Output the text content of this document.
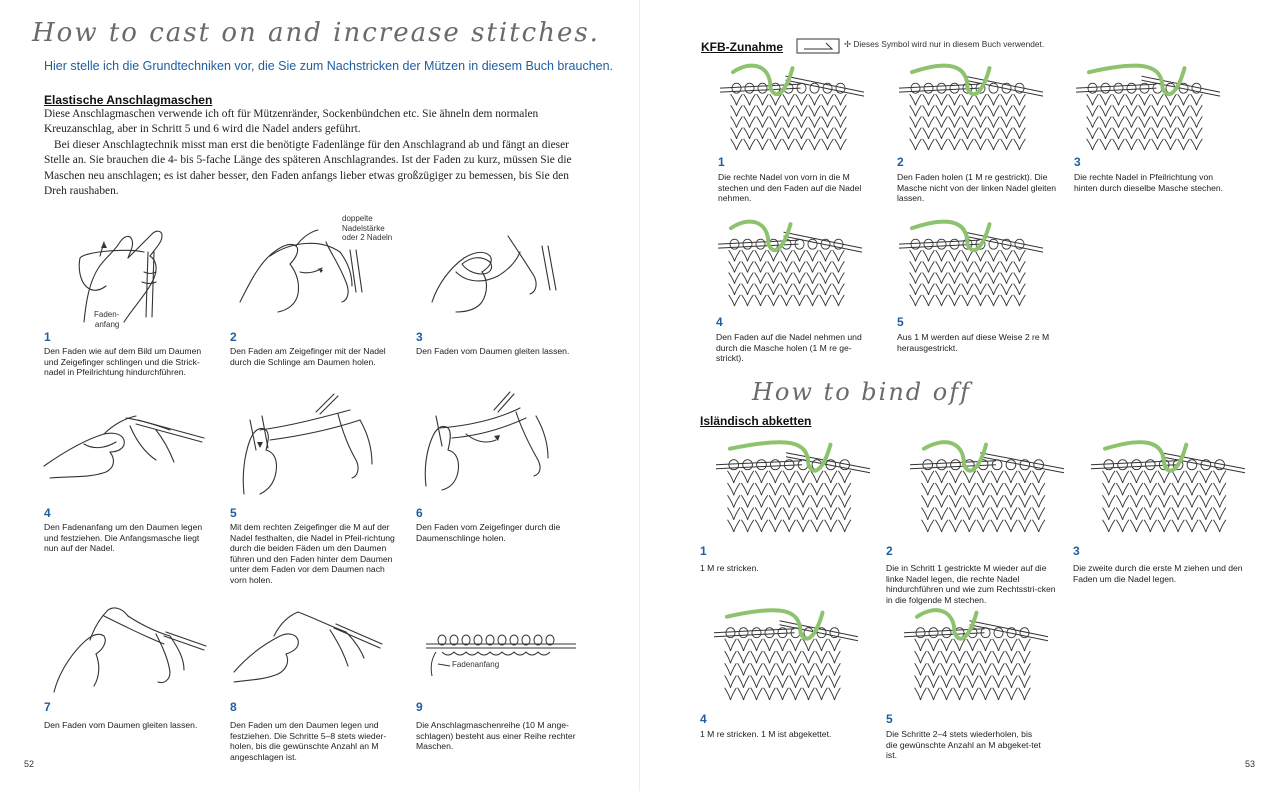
How to cast on and increase stitches.
Hier stelle ich die Grundtechniken vor, die Sie zum Nachstricken der Mützen in diesem Buch brauchen.
Elastische Anschlagmaschen

Diese Anschlagmaschen verwende ich oft für Mützenränder, Sockenbündchen etc. Sie ähneln dem normalen Kreuzanschlag, aber in Schritt 5 und 6 wird die Nadel anders geführt.

Bei dieser Anschlagtechnik misst man erst die benötigte Fadenlänge für den Anschlagrand ab und fängt an dieser Stelle an. Sie brauchen die 4- bis 5-fache Länge des späteren Anschlagrandes. Ist der Faden zu kurz, müssen Sie die Maschen neu anschlagen; es ist daher besser, den Faden anfangs lieber etwas großzügiger zu bemessen, bis Sie den Dreh raushaben.

Faden-
anfang
1
Den Faden wie auf dem Bild um Daumen und Zeigefinger schlingen und die Strick-nadel in Pfeilrichtung hindurchführen.
2
Den Faden am Zeigefinger mit der Nadel durch die Schlinge am Daumen holen.
doppelte
Nadelstärke
oder 2 Nadeln
3
Den Faden vom Daumen gleiten lassen.
4
Den Fadenanfang um den Daumen legen und festziehen. Die Anfangsmasche liegt nun auf der Nadel.
5
Mit dem rechten Zeigefinger die M auf der Nadel festhalten, die Nadel in Pfeil-richtung durch die beiden Fäden um den Daumen führen und den Faden hinter dem Daumen unter dem Faden vor dem Daumen nach vorn holen.
6
Den Faden vom Zeigefinger durch die Daumenschlinge holen.
7
Den Faden vom Daumen gleiten lassen.
8
Den Faden um den Daumen legen und festziehen. Die Schritte 5–8 stets wieder-holen, bis die gewünschte Anzahl an M angeschlagen ist.
Fadenanfang
9
Die Anschlagmaschenreihe (10 M ange-schlagen) besteht aus einer Reihe rechter Maschen.
52
KFB-Zunahme	✢ Dieses Symbol wird nur in diesem Buch verwendet.
1
Die rechte Nadel von vorn in die M stechen und den Faden auf die Nadel nehmen.
2
Den Faden holen (1 M re gestrickt). Die Masche nicht von der linken Nadel gleiten lassen.
3
Die rechte Nadel in Pfeilrichtung von hinten durch dieselbe Masche stechen.
4
Den Faden auf die Nadel nehmen und durch die Masche holen (1 M re ge-strickt).
5
Aus 1 M werden auf diese Weise 2 re M herausgestrickt.
How to bind off
Isländisch abketten
1
1 M re stricken.
2
Die in Schritt 1 gestrickte M wieder auf die linke Nadel legen, die rechte Nadel hindurchführen und wie zum Rechtsstri-cken in die folgende M stechen.
3
Die zweite durch die erste M ziehen und den Faden um die Nadel legen.
4
1 M re stricken. 1 M ist abgekettet.
5
Die Schritte 2–4 stets wiederholen, bis die gewünschte Anzahl an M abgeket-tet ist.
53
